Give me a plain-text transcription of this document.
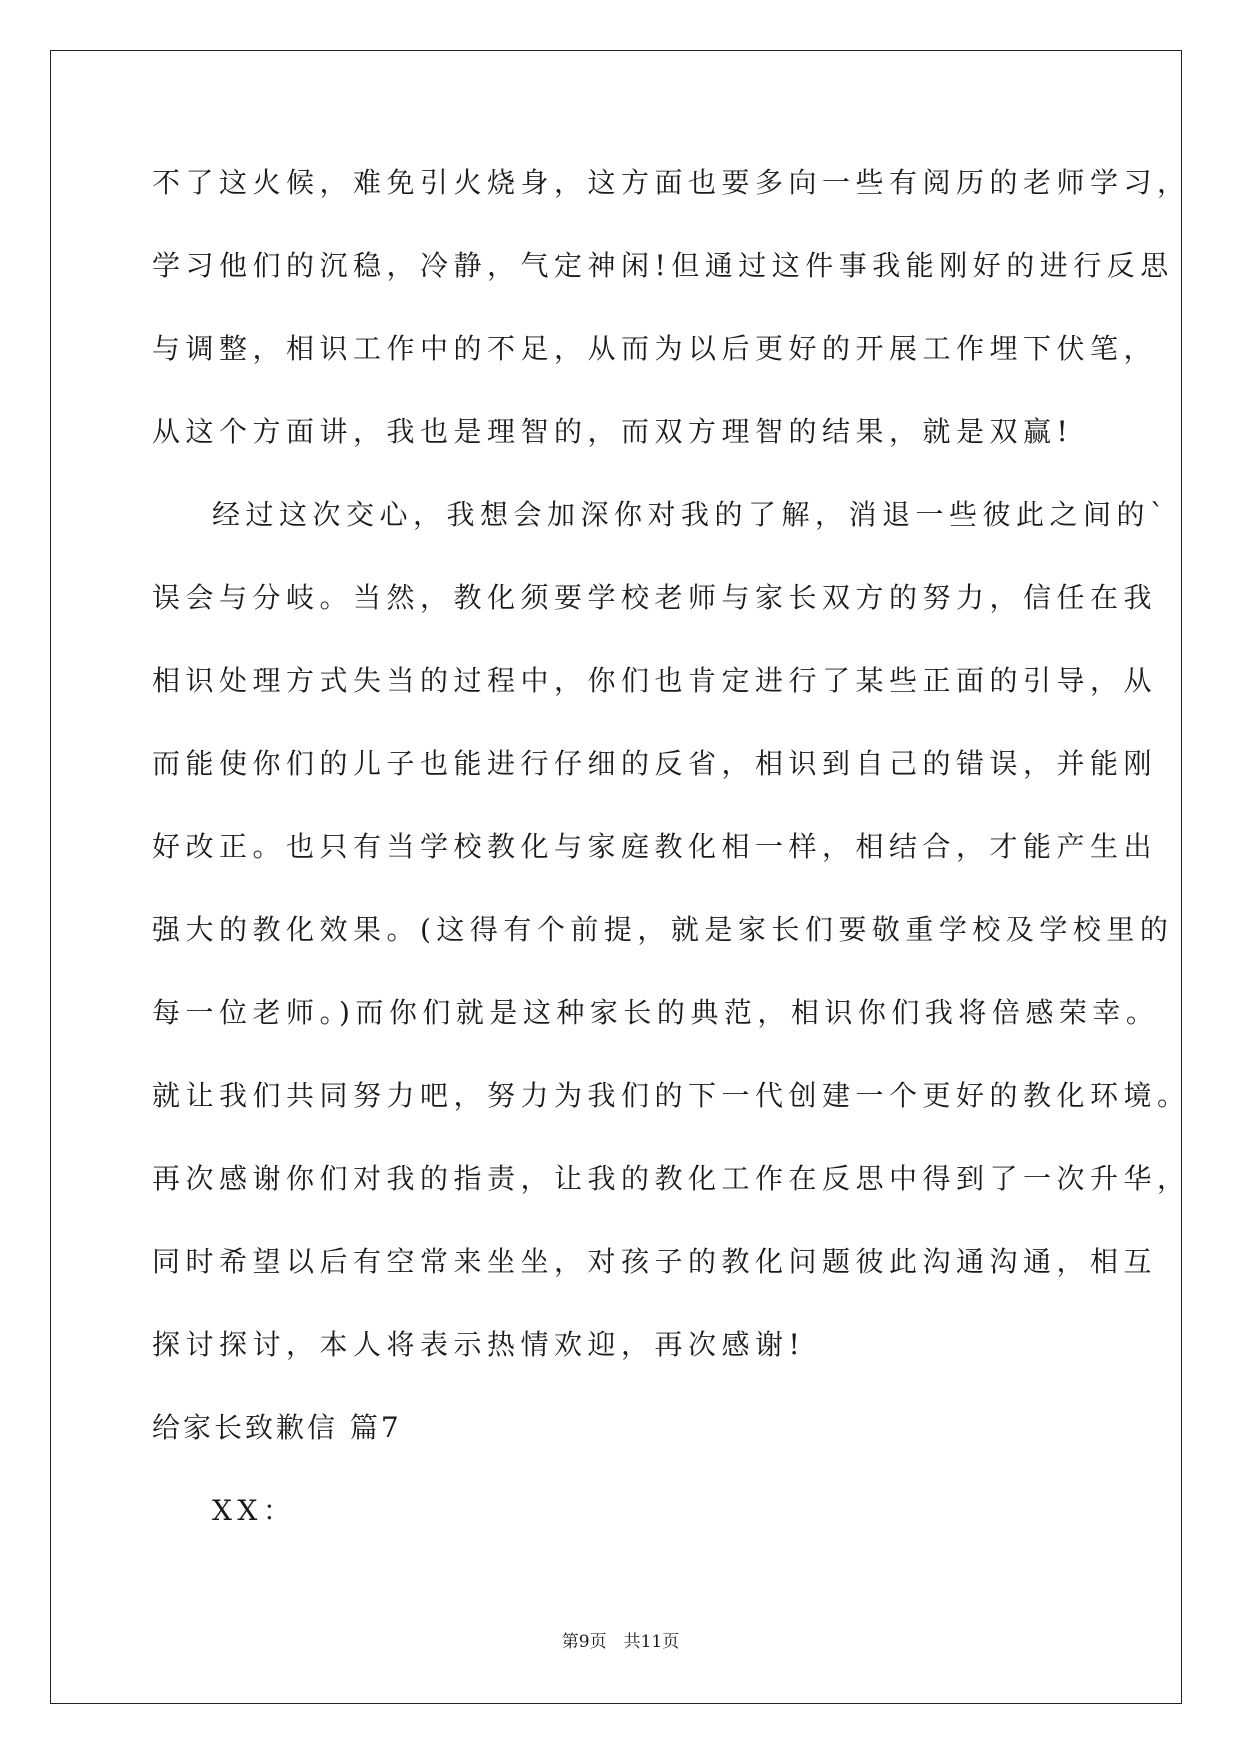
不了这火候，难免引火烧身，这方面也要多向一些有阅历的老师学习，
学习他们的沉稳，冷静，气定神闲!但通过这件事我能刚好的进行反思
与调整，相识工作中的不足，从而为以后更好的开展工作埋下伏笔，
从这个方面讲，我也是理智的，而双方理智的结果，就是双赢!
经过这次交心，我想会加深你对我的了解，消退一些彼此之间的`
误会与分岐。当然，教化须要学校老师与家长双方的努力，信任在我
相识处理方式失当的过程中，你们也肯定进行了某些正面的引导，从
而能使你们的儿子也能进行仔细的反省，相识到自己的错误，并能刚
好改正。也只有当学校教化与家庭教化相一样，相结合，才能产生出
强大的教化效果。(这得有个前提，就是家长们要敬重学校及学校里的
每一位老师。)而你们就是这种家长的典范，相识你们我将倍感荣幸。
就让我们共同努力吧，努力为我们的下一代创建一个更好的教化环境。
再次感谢你们对我的指责，让我的教化工作在反思中得到了一次升华，
同时希望以后有空常来坐坐，对孩子的教化问题彼此沟通沟通，相互
探讨探讨，本人将表示热情欢迎，再次感谢!
给家长致歉信 篇7
XX：
第9页　共11页
